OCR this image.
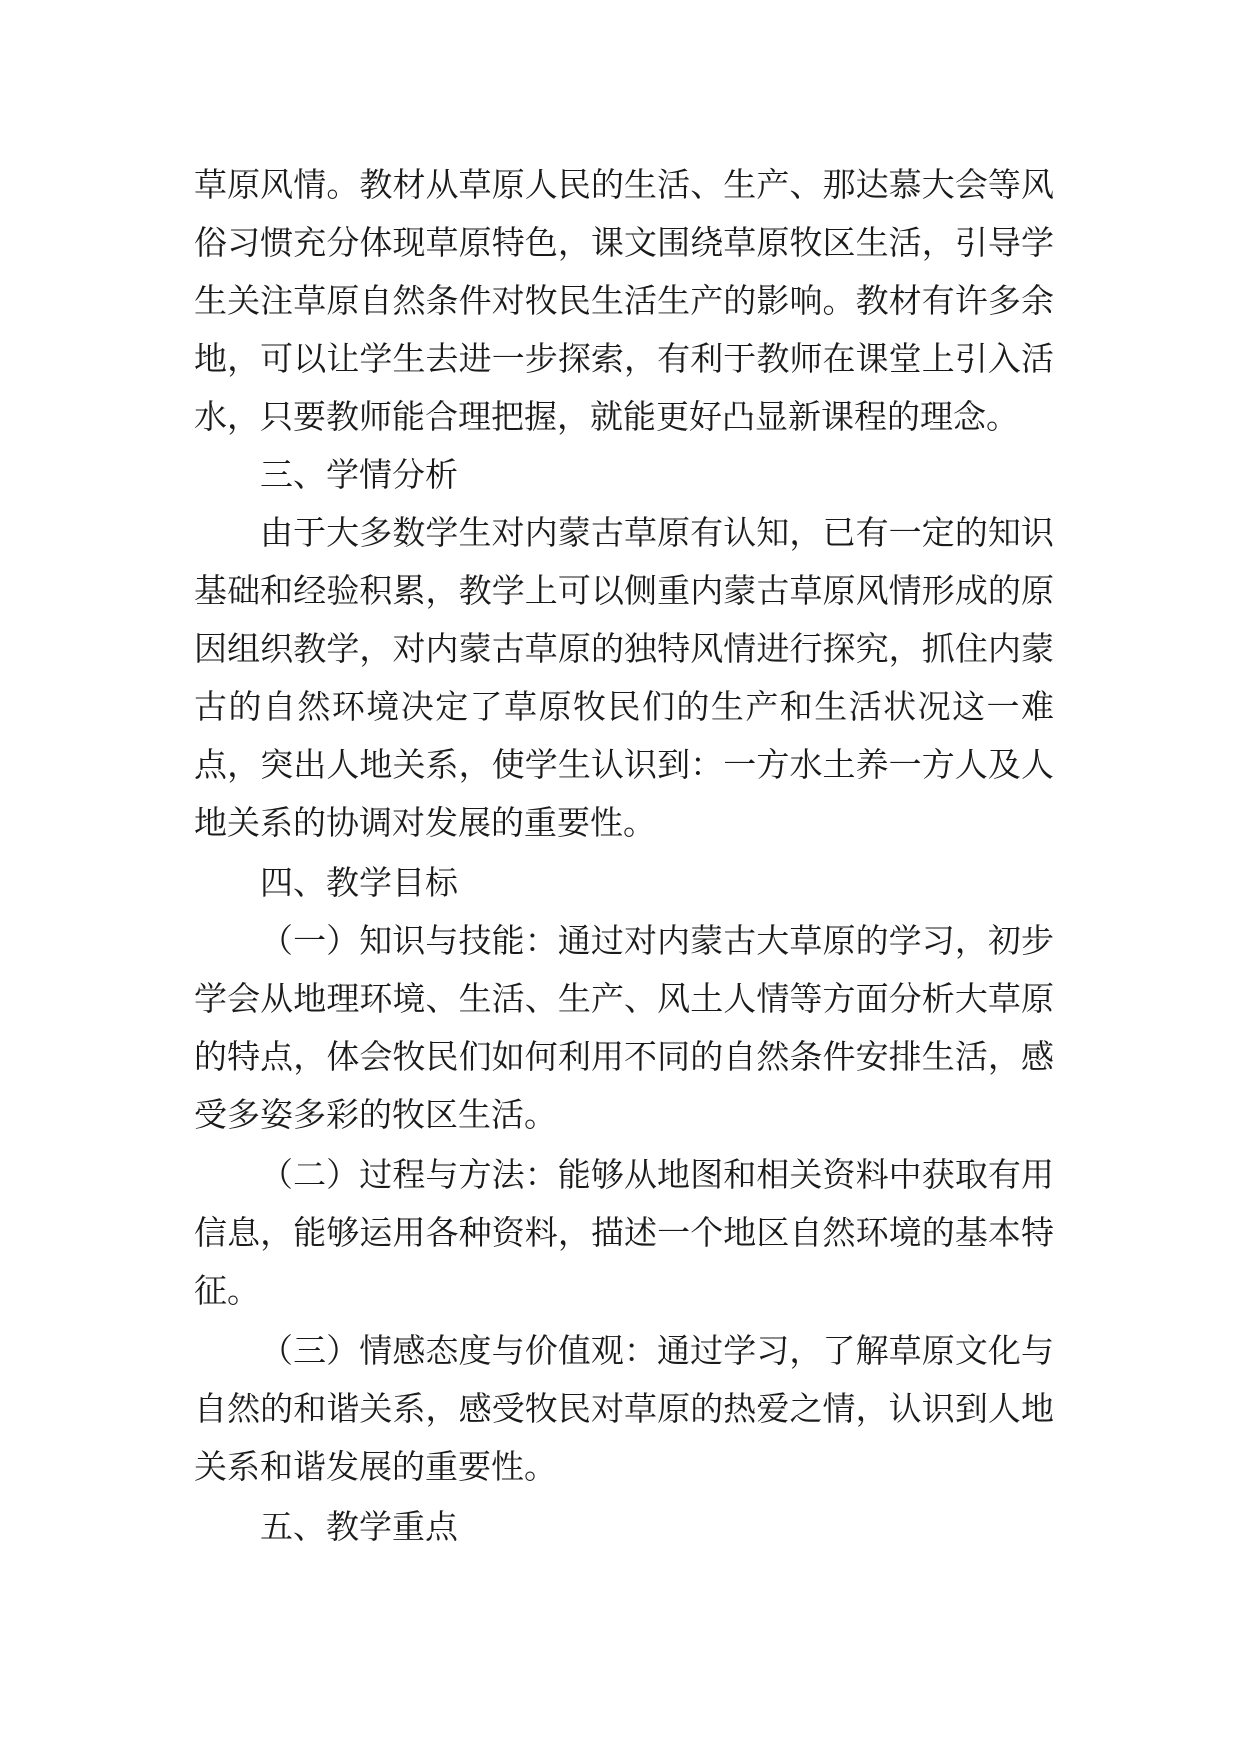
草原风情。教材从草原人民的生活、生产、那达慕大会等风
俗习惯充分体现草原特色，课文围绕草原牧区生活，引导学
生关注草原自然条件对牧民生活生产的影响。教材有许多余
地，可以让学生去进一步探索，有利于教师在课堂上引入活
水，只要教师能合理把握，就能更好凸显新课程的理念。
三、学情分析
由于大多数学生对内蒙古草原有认知，已有一定的知识
基础和经验积累，教学上可以侧重内蒙古草原风情形成的原
因组织教学，对内蒙古草原的独特风情进行探究，抓住内蒙
古的自然环境决定了草原牧民们的生产和生活状况这一难
点，突出人地关系，使学生认识到：一方水土养一方人及人
地关系的协调对发展的重要性。
四、教学目标
（一）知识与技能：通过对内蒙古大草原的学习，初步
学会从地理环境、生活、生产、风土人情等方面分析大草原
的特点，体会牧民们如何利用不同的自然条件安排生活，感
受多姿多彩的牧区生活。
（二）过程与方法：能够从地图和相关资料中获取有用
信息，能够运用各种资料，描述一个地区自然环境的基本特
征。
（三）情感态度与价值观：通过学习，了解草原文化与
自然的和谐关系，感受牧民对草原的热爱之情，认识到人地
关系和谐发展的重要性。
五、教学重点
